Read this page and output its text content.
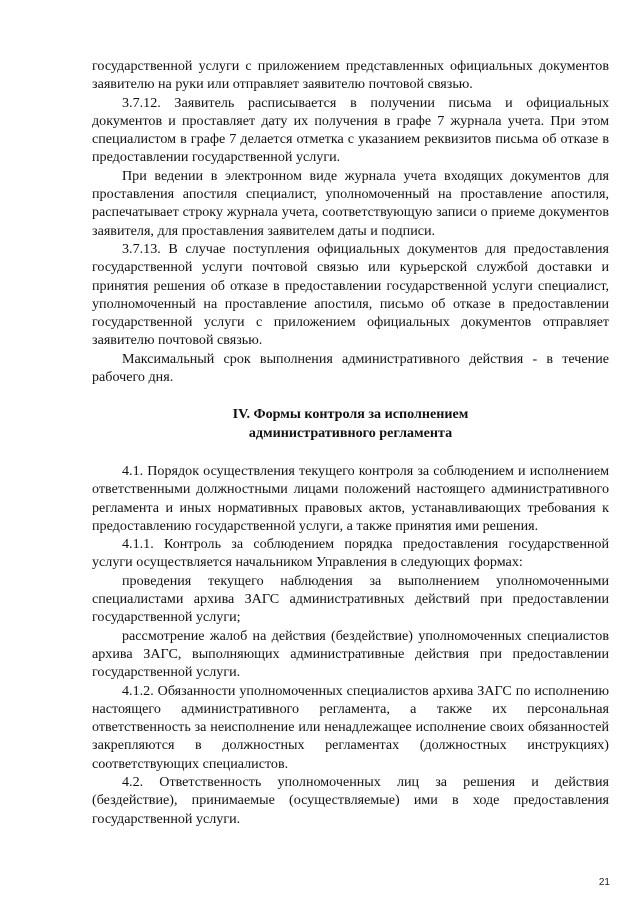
государственной услуги с приложением представленных официальных документов заявителю на руки или отправляет заявителю почтовой связью.

3.7.12. Заявитель расписывается в получении письма и официальных документов и проставляет дату их получения в графе 7 журнала учета. При этом специалистом в графе 7 делается отметка с указанием реквизитов письма об отказе в предоставлении государственной услуги.

При ведении в электронном виде журнала учета входящих документов для проставления апостиля специалист, уполномоченный на проставление апостиля, распечатывает строку журнала учета, соответствующую записи о приеме документов заявителя, для проставления заявителем даты и подписи.

3.7.13. В случае поступления официальных документов для предоставления государственной услуги почтовой связью или курьерской службой доставки и принятия решения об отказе в предоставлении государственной услуги специалист, уполномоченный на проставление апостиля, письмо об отказе в предоставлении государственной услуги с приложением официальных документов отправляет заявителю почтовой связью.

Максимальный срок выполнения административного действия - в течение рабочего дня.

IV. Формы контроля за исполнением
административного регламента

4.1. Порядок осуществления текущего контроля за соблюдением и исполнением ответственными должностными лицами положений настоящего административного регламента и иных нормативных правовых актов, устанавливающих требования к предоставлению государственной услуги, а также принятия ими решения.

4.1.1. Контроль за соблюдением порядка предоставления государственной услуги осуществляется начальником Управления в следующих формах:

проведения текущего наблюдения за выполнением уполномоченными специалистами архива ЗАГС административных действий при предоставлении государственной услуги;

рассмотрение жалоб на действия (бездействие) уполномоченных специалистов архива ЗАГС, выполняющих административные действия при предоставлении государственной услуги.

4.1.2. Обязанности уполномоченных специалистов архива ЗАГС по исполнению настоящего административного регламента, а также их персональная ответственность за неисполнение или ненадлежащее исполнение своих обязанностей закрепляются в должностных регламентах (должностных инструкциях) соответствующих специалистов.

4.2. Ответственность уполномоченных лиц за решения и действия (бездействие), принимаемые (осуществляемые) ими в ходе предоставления государственной услуги.

21
